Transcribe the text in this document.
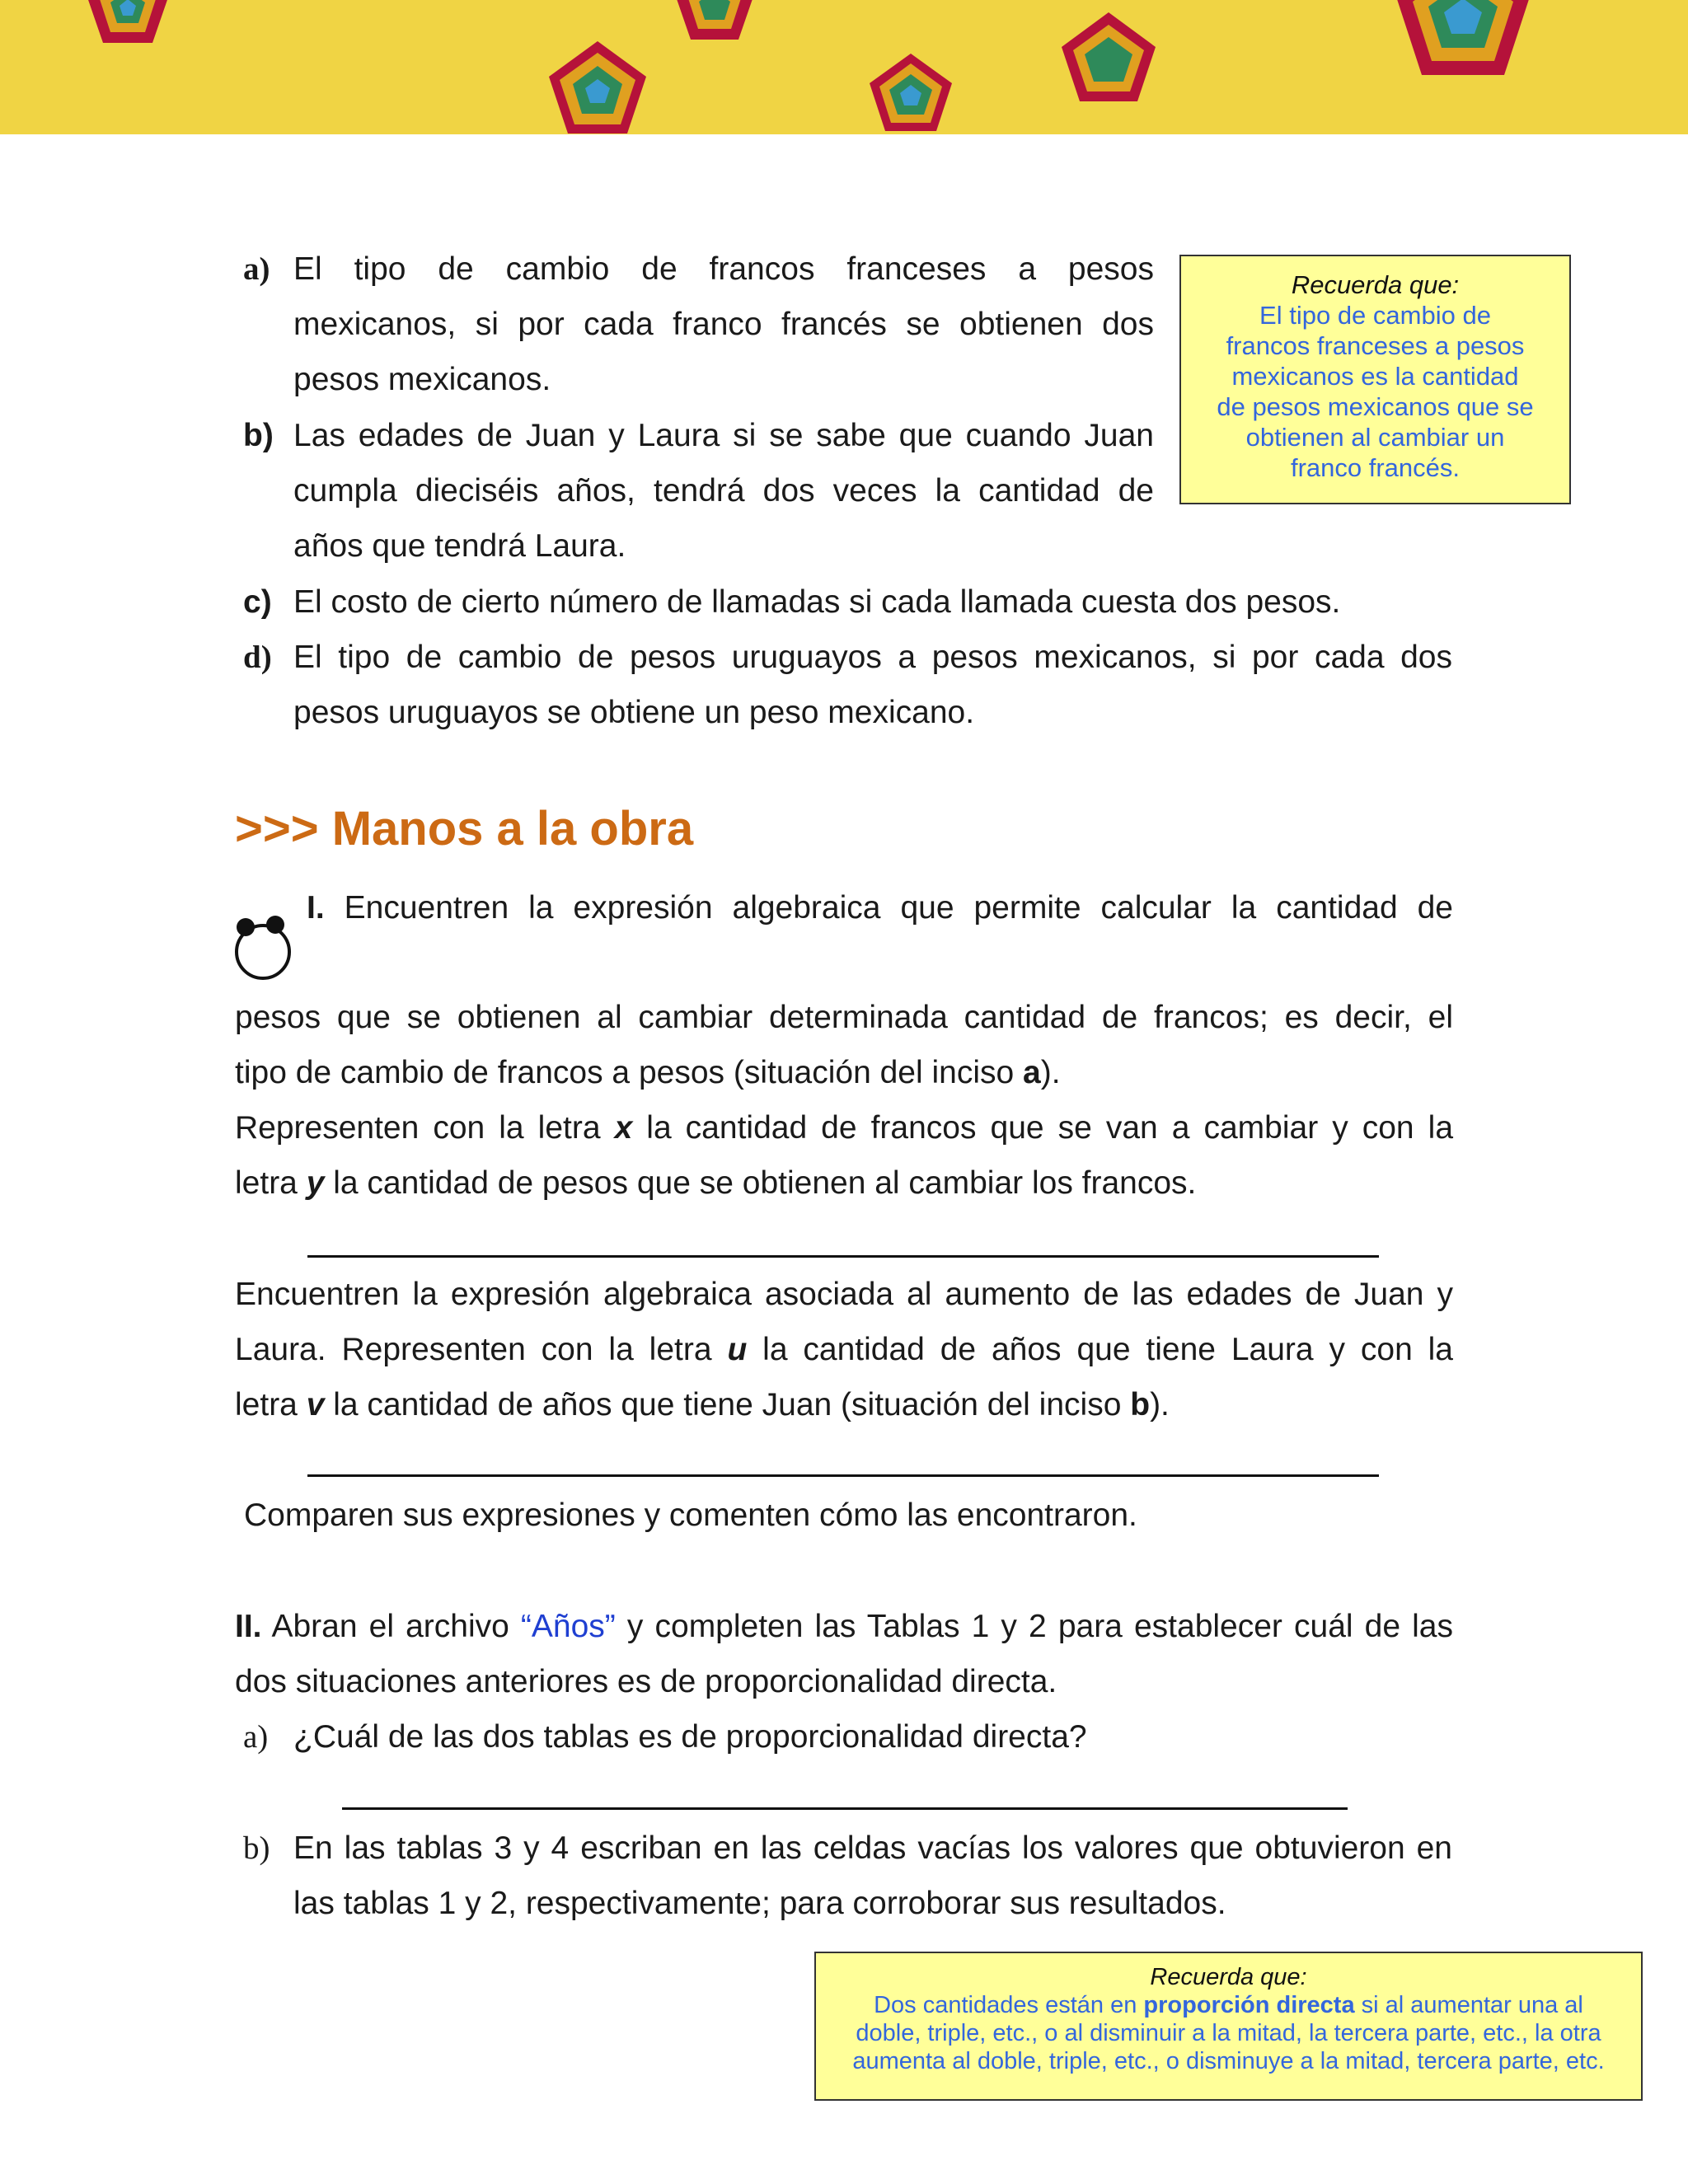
a) El tipo de cambio de francos franceses a pesos
mexicanos, si por cada franco francés se obtienen dos
pesos mexicanos.
b) Las edades de Juan y Laura si se sabe que cuando Juan
cumpla dieciséis años, tendrá dos veces la cantidad de
años que tendrá Laura.
c) El costo de cierto número de llamadas si cada llamada cuesta dos pesos.
d) El tipo de cambio de pesos uruguayos a pesos mexicanos, si por cada dos
pesos uruguayos se obtiene un peso mexicano.
Recuerda que:
El tipo de cambio de
francos franceses a pesos
mexicanos es la cantidad
de pesos mexicanos que se
obtienen al cambiar un
franco francés.
>>> Manos a la obra
I. Encuentren la expresión algebraica que permite calcular la cantidad de
pesos que se obtienen al cambiar determinada cantidad de francos; es decir, el
tipo de cambio de francos a pesos (situación del inciso a).
Representen con la letra x la cantidad de francos que se van a cambiar y con la
letra y la cantidad de pesos que se obtienen al cambiar los francos.
Encuentren la expresión algebraica asociada al aumento de las edades de Juan y
Laura. Representen con la letra u la cantidad de años que tiene Laura y con la
letra v la cantidad de años que tiene Juan (situación del inciso b).
Comparen sus expresiones y comenten cómo las encontraron.
II. Abran el archivo “Años” y completen las Tablas 1 y 2 para establecer cuál de las
dos situaciones anteriores es de proporcionalidad directa.
a) ¿Cuál de las dos tablas es de proporcionalidad directa?
b) En las tablas 3 y 4 escriban en las celdas vacías los valores que obtuvieron en
las tablas 1 y 2, respectivamente; para corroborar sus resultados.
Recuerda que:
Dos cantidades están en proporción directa si al aumentar una al
doble, triple, etc., o al disminuir a la mitad, la tercera parte, etc., la otra
aumenta al doble, triple, etc., o disminuye a la mitad, tercera parte, etc.
